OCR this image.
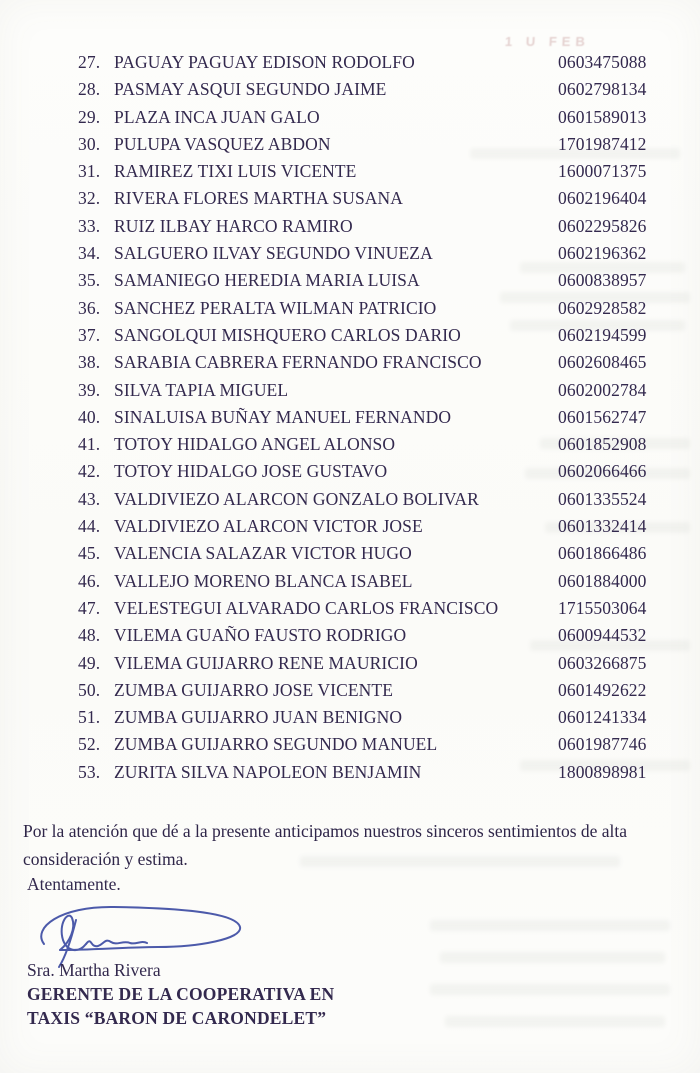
1 U FEB
27. PAGUAY PAGUAY EDISON RODOLFO	0603475088
28. PASMAY ASQUI SEGUNDO JAIME	0602798134
29. PLAZA INCA JUAN GALO	0601589013
30. PULUPA VASQUEZ ABDON	1701987412
31. RAMIREZ TIXI LUIS VICENTE	1600071375
32. RIVERA FLORES MARTHA SUSANA	0602196404
33. RUIZ ILBAY HARCO RAMIRO	0602295826
34. SALGUERO ILVAY SEGUNDO VINUEZA	0602196362
35. SAMANIEGO HEREDIA MARIA LUISA	0600838957
36. SANCHEZ PERALTA WILMAN PATRICIO	0602928582
37. SANGOLQUI MISHQUERO CARLOS DARIO	0602194599
38. SARABIA CABRERA FERNANDO FRANCISCO	0602608465
39. SILVA TAPIA MIGUEL	0602002784
40. SINALUISA BUÑAY MANUEL FERNANDO	0601562747
41. TOTOY HIDALGO ANGEL ALONSO	0601852908
42. TOTOY HIDALGO JOSE GUSTAVO	0602066466
43. VALDIVIEZO ALARCON GONZALO BOLIVAR	0601335524
44. VALDIVIEZO ALARCON VICTOR JOSE	0601332414
45. VALENCIA SALAZAR VICTOR HUGO	0601866486
46. VALLEJO MORENO BLANCA ISABEL	0601884000
47. VELESTEGUI ALVARADO CARLOS FRANCISCO	1715503064
48. VILEMA GUAÑO FAUSTO RODRIGO	0600944532
49. VILEMA GUIJARRO RENE MAURICIO	0603266875
50. ZUMBA GUIJARRO JOSE VICENTE	0601492622
51. ZUMBA GUIJARRO JUAN BENIGNO	0601241334
52. ZUMBA GUIJARRO SEGUNDO MANUEL	0601987746
53. ZURITA SILVA NAPOLEON BENJAMIN	1800898981

Por la atención que dé a la presente anticipamos nuestros sinceros sentimientos de alta consideración y estima.

Atentamente.
Sra. Martha Rivera
GERENTE DE LA COOPERATIVA EN
TAXIS “BARON DE CARONDELET”
